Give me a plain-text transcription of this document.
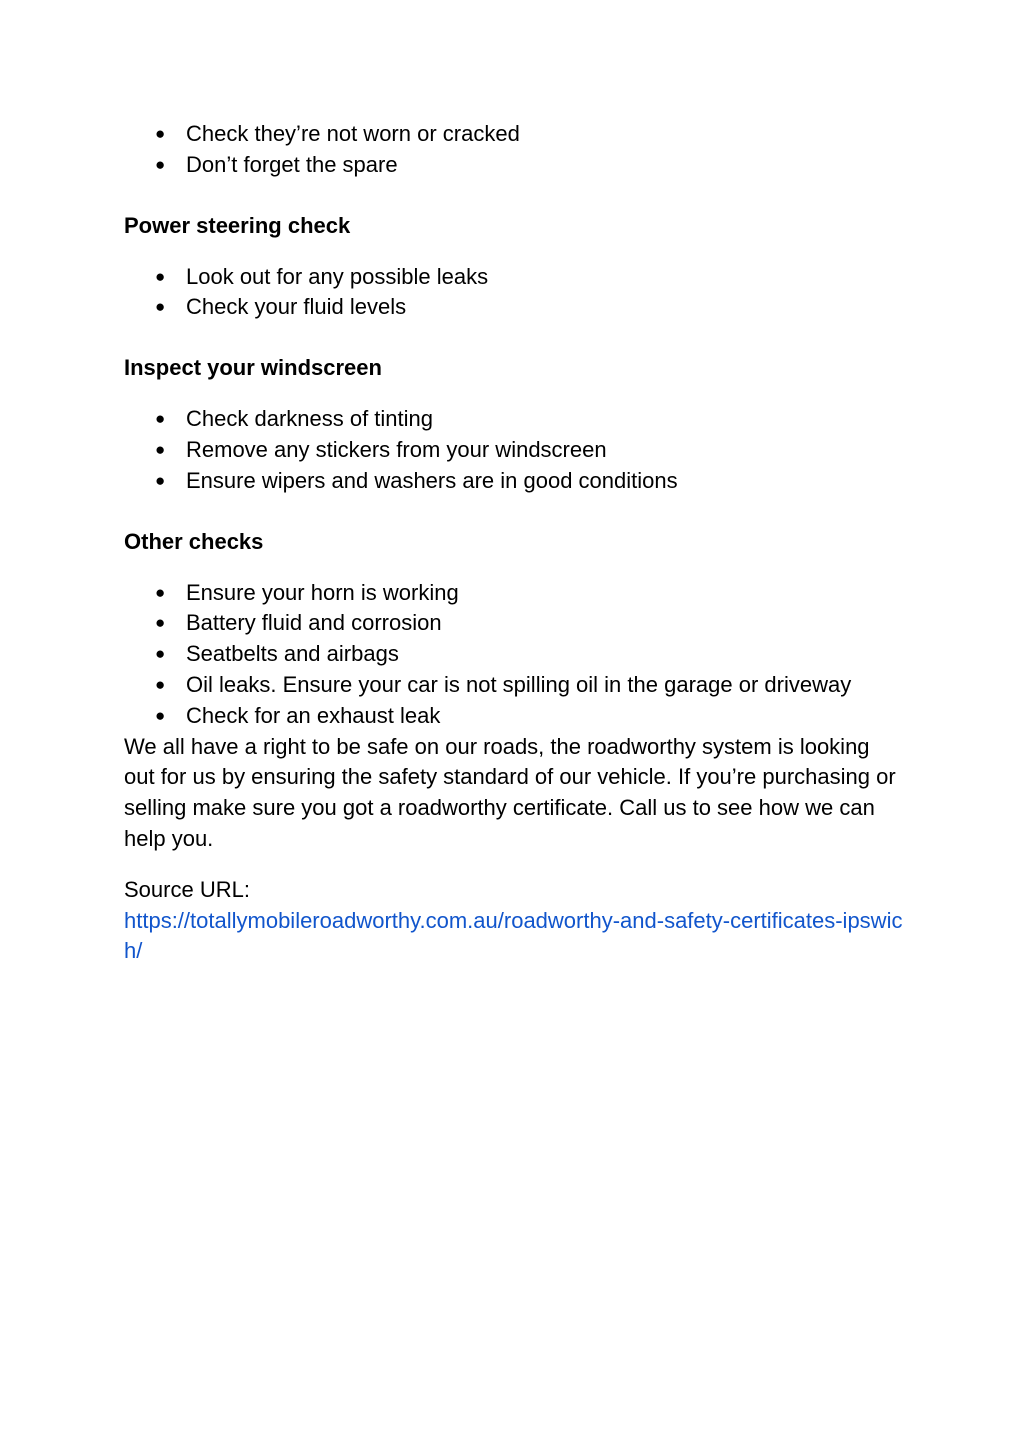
● Check they’re not worn or cracked
● Don’t forget the spare
Power steering check
● Look out for any possible leaks
● Check your fluid levels
Inspect your windscreen
● Check darkness of tinting
● Remove any stickers from your windscreen
● Ensure wipers and washers are in good conditions
Other checks
● Ensure your horn is working
● Battery fluid and corrosion
● Seatbelts and airbags
● Oil leaks. Ensure your car is not spilling oil in the garage or driveway
● Check for an exhaust leak

We all have a right to be safe on our roads, the roadworthy system is looking out for us by ensuring the safety standard of our vehicle. If you’re purchasing or selling make sure you got a roadworthy certificate. Call us to see how we can help you.

Source URL:

https://totallymobileroadworthy.com.au/roadworthy-and-safety-certificates-ipswich/
